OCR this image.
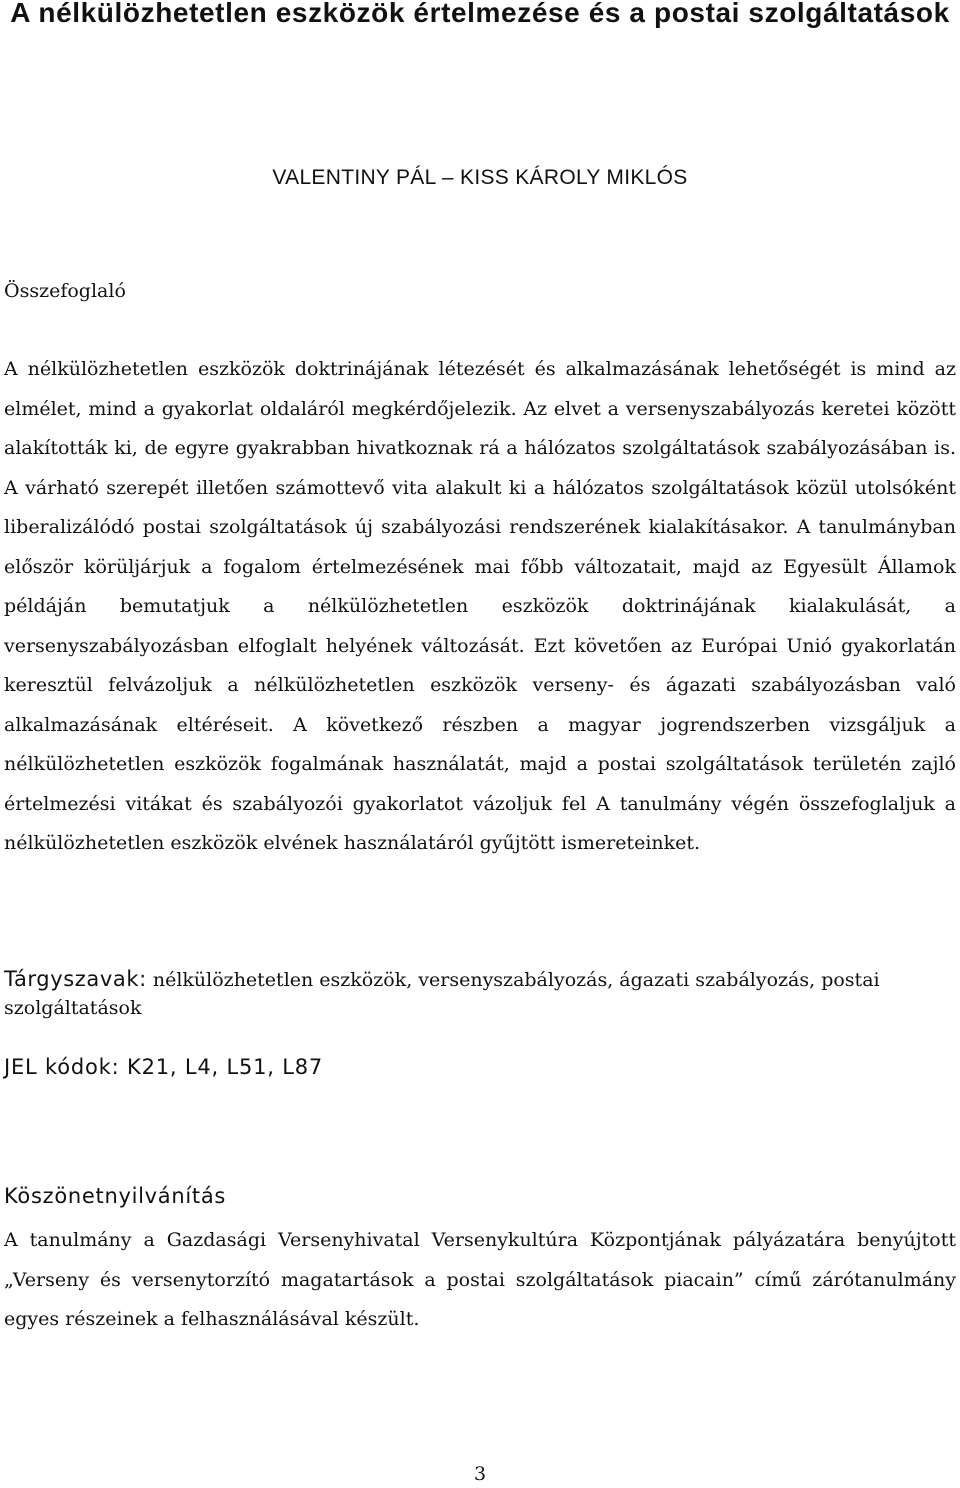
A nélkülözhetetlen eszközök értelmezése és a postai szolgáltatások

VALENTINY PÁL – KISS KÁROLY MIKLÓS

Összefoglaló

A nélkülözhetetlen eszközök doktrinájának létezését és alkalmazásának lehetőségét is mind az elmélet, mind a gyakorlat oldaláról megkérdőjelezik. Az elvet a versenyszabályozás keretei között alakították ki, de egyre gyakrabban hivatkoznak rá a hálózatos szolgáltatások szabályozásában is. A várható szerepét illetően számottevő vita alakult ki a hálózatos szolgáltatások közül utolsóként liberalizálódó postai szolgáltatások új szabályozási rendszerének kialakításakor. A tanulmányban először körüljárjuk a fogalom értelmezésének mai főbb változatait, majd az Egyesült Államok példáján bemutatjuk a nélkülözhetetlen eszközök doktrinájának kialakulását, a versenyszabályozásban elfoglalt helyének változását. Ezt követően az Európai Unió gyakorlatán keresztül felvázoljuk a nélkülözhetetlen eszközök verseny- és ágazati szabályozásban való alkalmazásának eltéréseit. A következő részben a magyar jogrendszerben vizsgáljuk a nélkülözhetetlen eszközök fogalmának használatát, majd a postai szolgáltatások területén zajló értelmezési vitákat és szabályozói gyakorlatot vázoljuk fel A tanulmány végén összefoglaljuk a nélkülözhetetlen eszközök elvének használatáról gyűjtött ismereteinket.

Tárgyszavak: nélkülözhetetlen eszközök, versenyszabályozás, ágazati szabályozás, postai szolgáltatások

JEL kódok: K21, L4, L51, L87

Köszönetnyilvánítás

A tanulmány a Gazdasági Versenyhivatal Versenykultúra Központjának pályázatára benyújtott „Verseny és versenytorzító magatartások a postai szolgáltatások piacain” című zárótanulmány egyes részeinek a felhasználásával készült.

3
